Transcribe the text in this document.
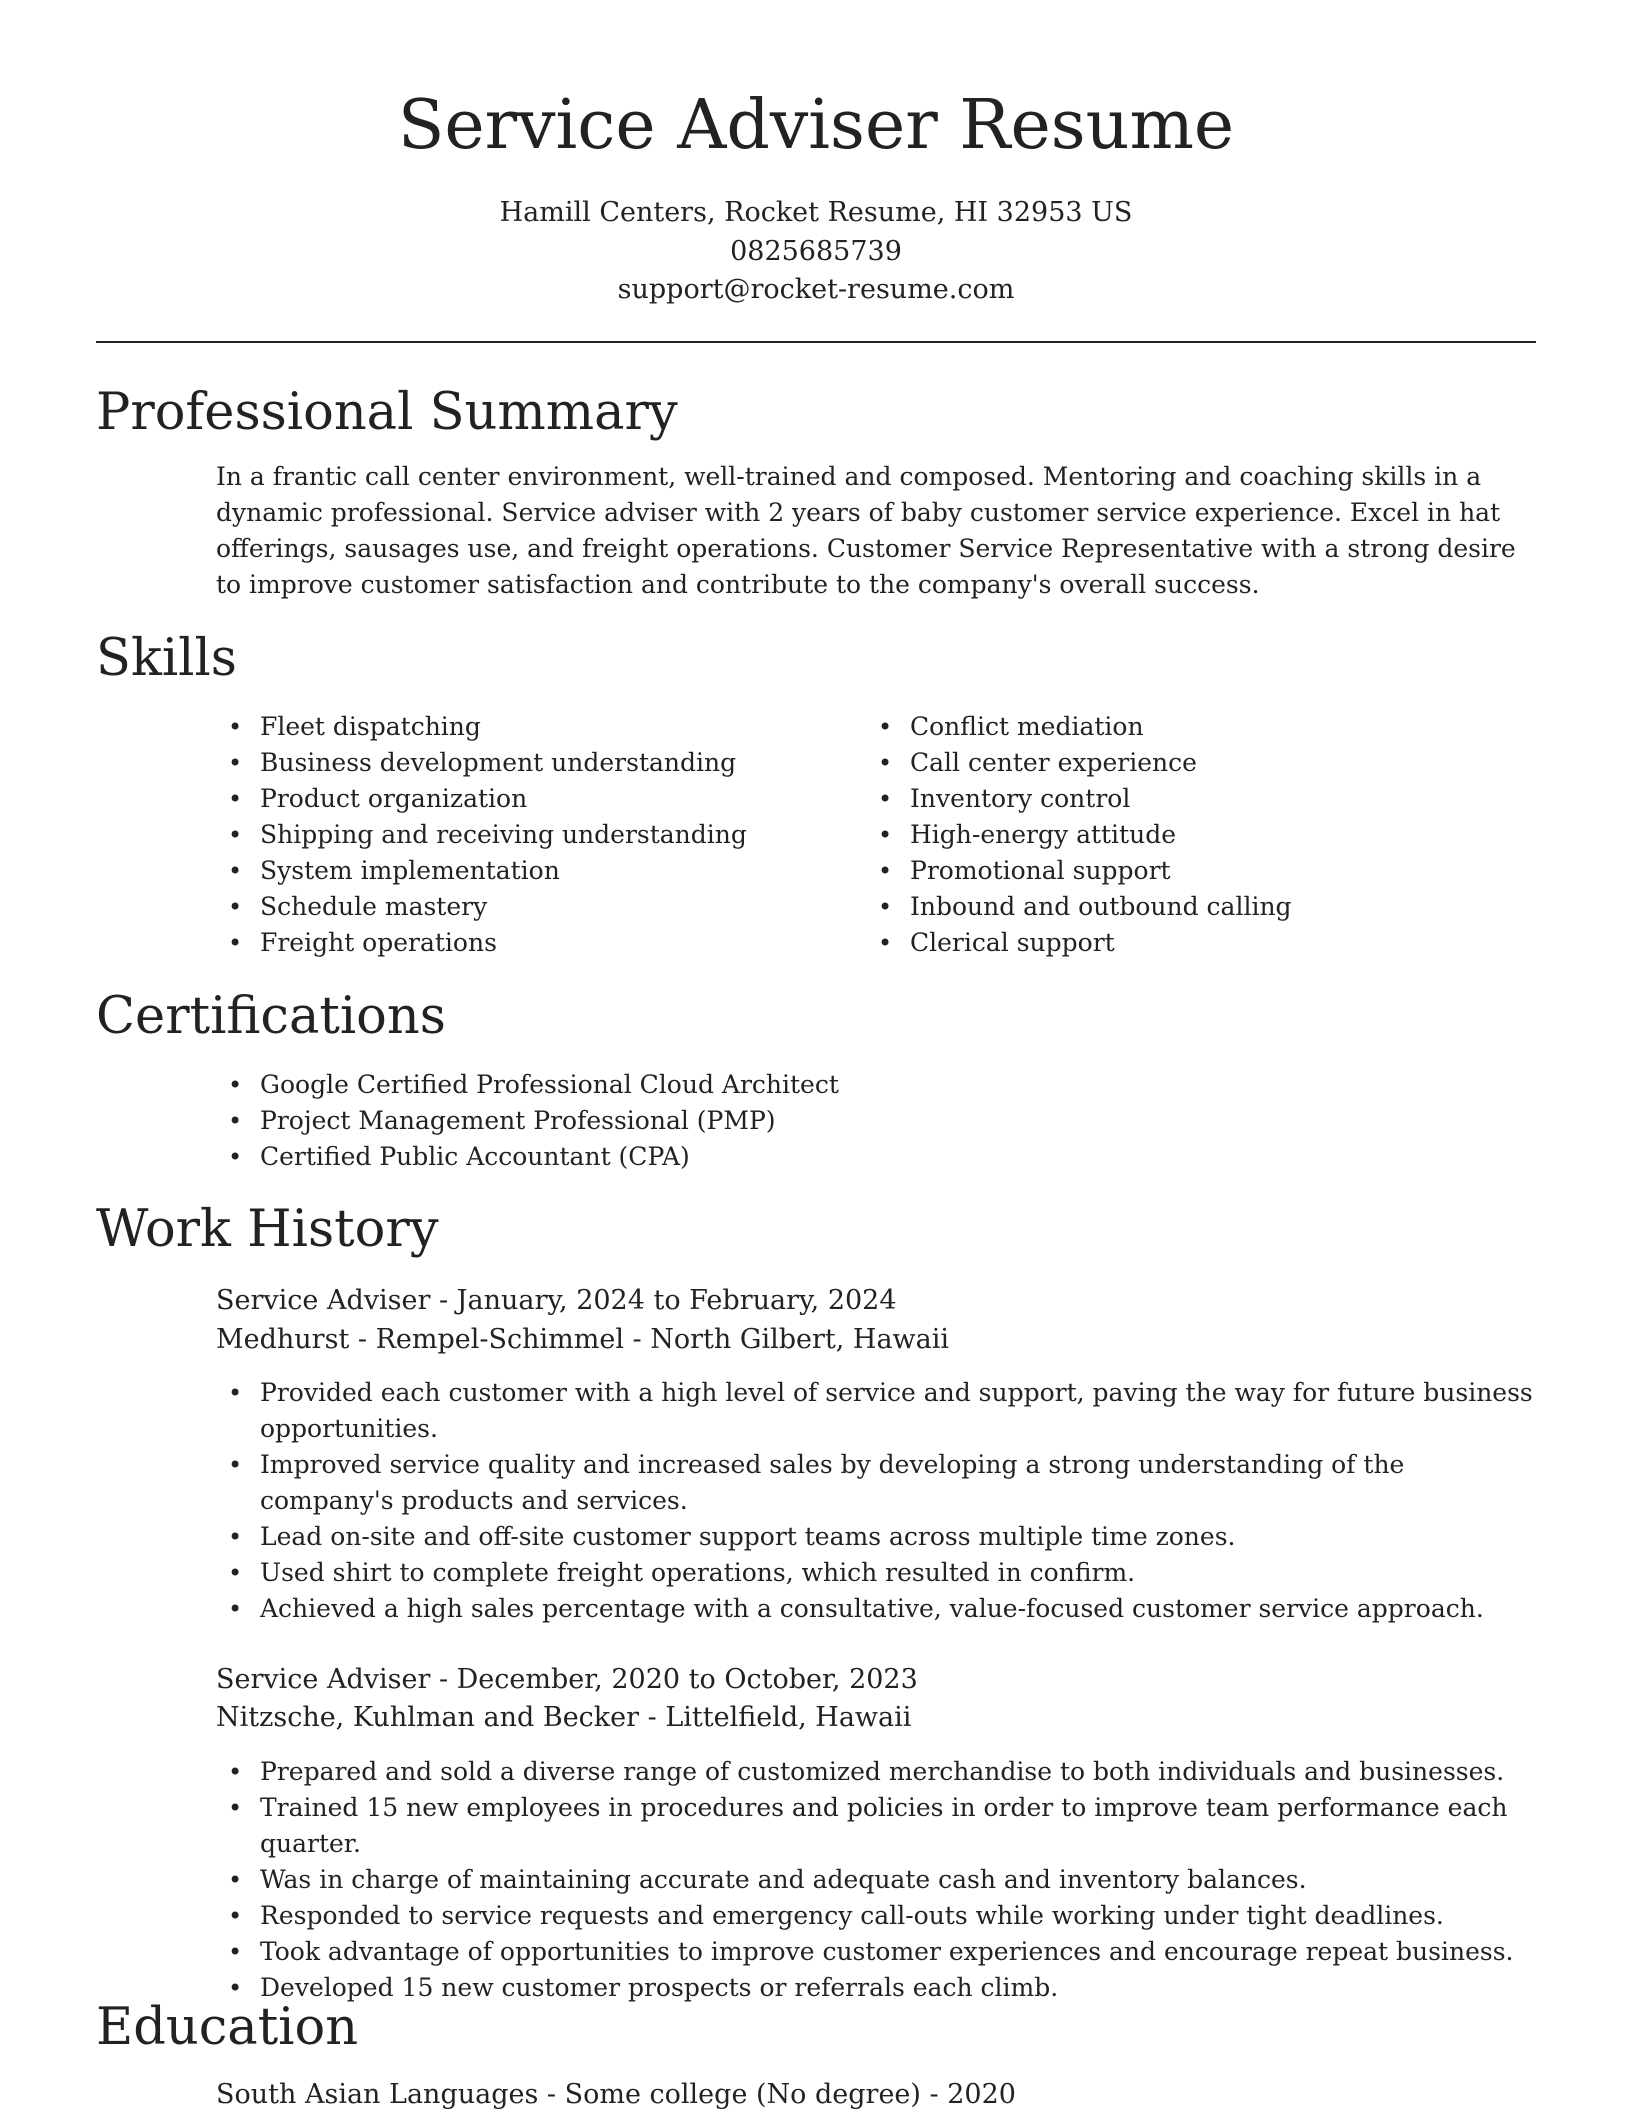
Service Adviser Resume
Hamill Centers, Rocket Resume, HI 32953 US
0825685739
support@rocket-resume.com
Professional Summary

In a frantic call center environment, well-trained and composed. Mentoring and coaching skills in a dynamic professional. Service adviser with 2 years of baby customer service experience. Excel in hat offerings, sausages use, and freight operations. Customer Service Representative with a strong desire to improve customer satisfaction and contribute to the company's overall success.

Skills
• Fleet dispatching
• Business development understanding
• Product organization
• Shipping and receiving understanding
• System implementation
• Schedule mastery
• Freight operations
• Conflict mediation
• Call center experience
• Inventory control
• High-energy attitude
• Promotional support
• Inbound and outbound calling
• Clerical support
Certifications
• Google Certified Professional Cloud Architect
• Project Management Professional (PMP)
• Certified Public Accountant (CPA)
Work History
Service Adviser - January, 2024 to February, 2024
Medhurst - Rempel-Schimmel - North Gilbert, Hawaii
• Provided each customer with a high level of service and support, paving the way for future business opportunities.
• Improved service quality and increased sales by developing a strong understanding of the company's products and services.
• Lead on-site and off-site customer support teams across multiple time zones.
• Used shirt to complete freight operations, which resulted in confirm.
• Achieved a high sales percentage with a consultative, value-focused customer service approach.
Service Adviser - December, 2020 to October, 2023
Nitzsche, Kuhlman and Becker - Littelfield, Hawaii
• Prepared and sold a diverse range of customized merchandise to both individuals and businesses.
• Trained 15 new employees in procedures and policies in order to improve team performance each quarter.
• Was in charge of maintaining accurate and adequate cash and inventory balances.
• Responded to service requests and emergency call-outs while working under tight deadlines.
• Took advantage of opportunities to improve customer experiences and encourage repeat business.
• Developed 15 new customer prospects or referrals each climb.
Education
South Asian Languages - Some college (No degree) - 2020
